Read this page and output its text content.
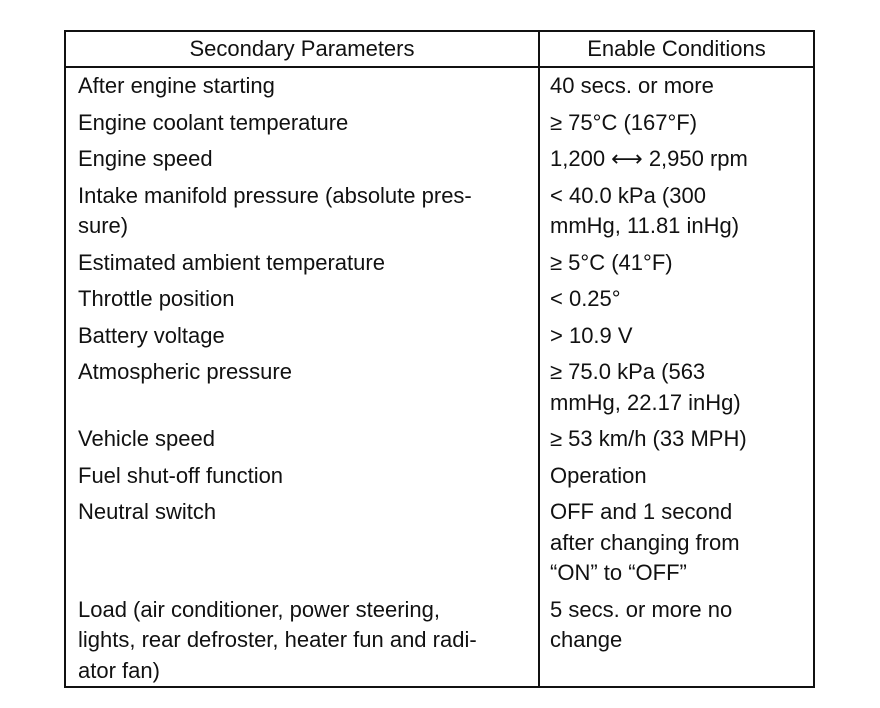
Secondary Parameters	Enable Conditions
After engine starting	40 secs. or more
Engine coolant temperature	≥ 75°C (167°F)
Engine speed	1,200 ⟷ 2,950 rpm
Intake manifold pressure (absolute pres-
sure)	< 40.0 kPa (300
mmHg, 11.81 inHg)
Estimated ambient temperature	≥ 5°C (41°F)
Throttle position	< 0.25°
Battery voltage	> 10.9 V
Atmospheric pressure	≥ 75.0 kPa (563
mmHg, 22.17 inHg)
Vehicle speed	≥ 53 km/h (33 MPH)
Fuel shut-off function	Operation
Neutral switch	OFF and 1 second
after changing from
“ON” to “OFF”
Load (air conditioner, power steering,
lights, rear defroster, heater fun and radi-
ator fan)	5 secs. or more no
change
